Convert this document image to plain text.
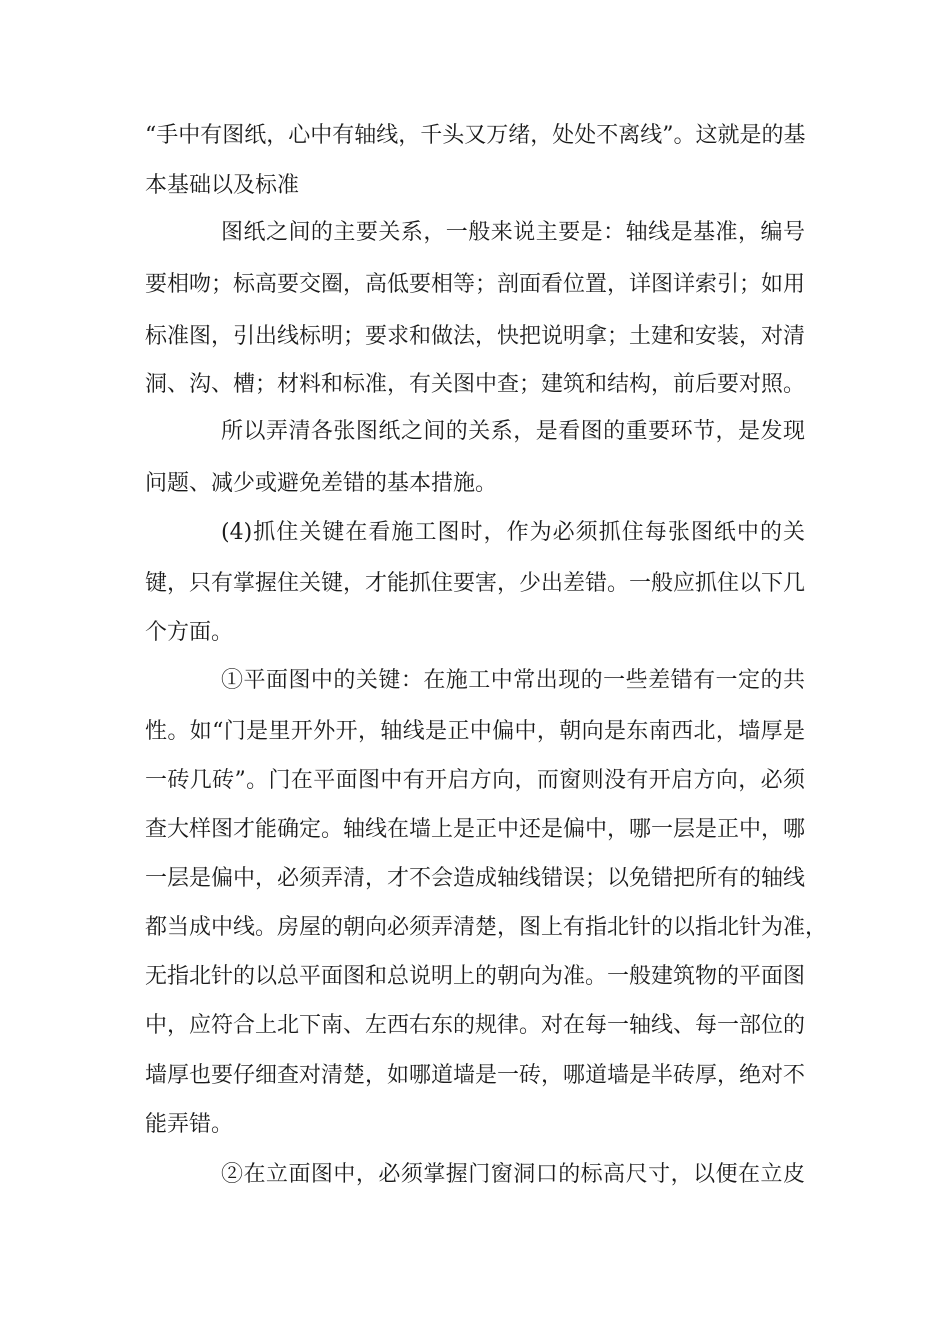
“手中有图纸，心中有轴线，千头又万绪，处处不离线”。这就是的基
本基础以及标准
图纸之间的主要关系，一般来说主要是：轴线是基准，编号
要相吻；标高要交圈，高低要相等；剖面看位置，详图详索引；如用
标准图，引出线标明；要求和做法，快把说明拿；土建和安装，对清
洞、沟、槽；材料和标准，有关图中查；建筑和结构，前后要对照。
所以弄清各张图纸之间的关系，是看图的重要环节，是发现
问题、减少或避免差错的基本措施。
(4)抓住关键在看施工图时，作为必须抓住每张图纸中的关
键，只有掌握住关键，才能抓住要害，少出差错。一般应抓住以下几
个方面。
①平面图中的关键：在施工中常出现的一些差错有一定的共
性。如“门是里开外开，轴线是正中偏中，朝向是东南西北，墙厚是
一砖几砖”。门在平面图中有开启方向，而窗则没有开启方向，必须
查大样图才能确定。轴线在墙上是正中还是偏中，哪一层是正中，哪
一层是偏中，必须弄清，才不会造成轴线错误；以免错把所有的轴线
都当成中线。房屋的朝向必须弄清楚，图上有指北针的以指北针为准，
无指北针的以总平面图和总说明上的朝向为准。一般建筑物的平面图
中，应符合上北下南、左西右东的规律。对在每一轴线、每一部位的
墙厚也要仔细查对清楚，如哪道墙是一砖，哪道墙是半砖厚，绝对不
能弄错。
②在立面图中，必须掌握门窗洞口的标高尺寸，以便在立皮
